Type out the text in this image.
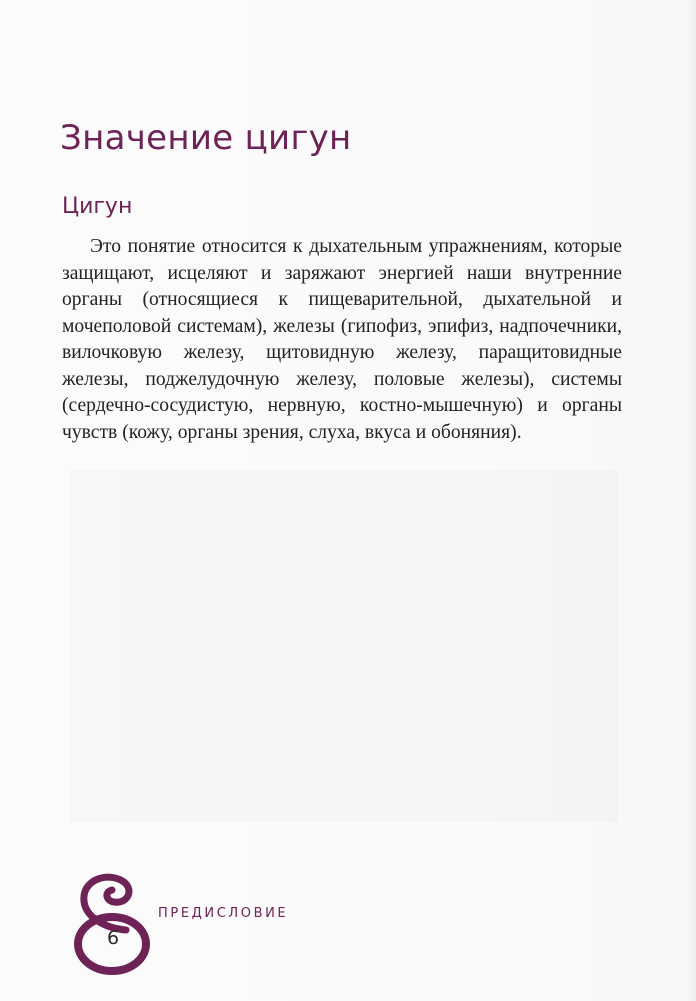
Значение цигун
Цигун

Это понятие относится к дыхательным упражнениям, которые защищают, исцеляют и заряжают энергией наши внутренние органы (относящиеся к пищеварительной, дыхательной и мочеполовой системам), железы (гипофиз, эпифиз, надпочечники, вилочковую железу, щитовидную железу, паращитовидные железы, поджелудочную железу, половые железы), системы (сердечно-сосудистую, нервную, костно-мышечную) и органы чувств (кожу, органы зрения, слуха, вкуса и обоняния).

6
ПРЕДИСЛОВИЕ
